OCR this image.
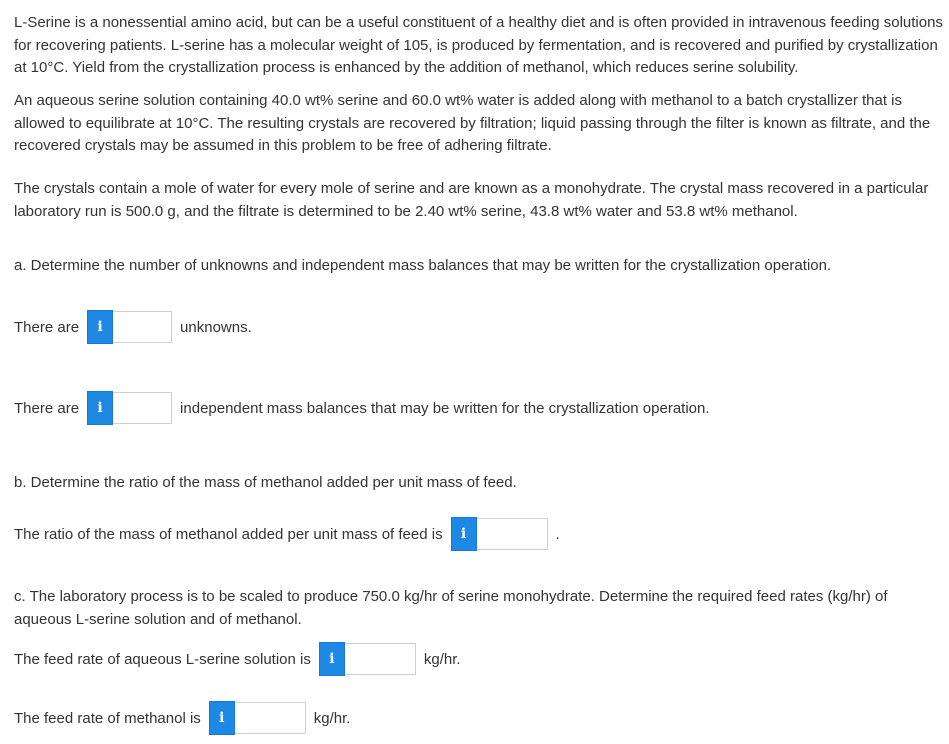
L-Serine is a nonessential amino acid, but can be a useful constituent of a healthy diet and is often provided in intravenous feeding solutions for recovering patients. L-serine has a molecular weight of 105, is produced by fermentation, and is recovered and purified by crystallization at 10°C. Yield from the crystallization process is enhanced by the addition of methanol, which reduces serine solubility.

An aqueous serine solution containing 40.0 wt% serine and 60.0 wt% water is added along with methanol to a batch crystallizer that is allowed to equilibrate at 10°C. The resulting crystals are recovered by filtration; liquid passing through the filter is known as filtrate, and the recovered crystals may be assumed in this problem to be free of adhering filtrate.

The crystals contain a mole of water for every mole of serine and are known as a monohydrate. The crystal mass recovered in a particular laboratory run is 500.0 g, and the filtrate is determined to be 2.40 wt% serine, 43.8 wt% water and 53.8 wt% methanol.

a. Determine the number of unknowns and independent mass balances that may be written for the crystallization operation.
There are	i	unknowns.
There are	i	independent mass balances that may be written for the crystallization operation.
b. Determine the ratio of the mass of methanol added per unit mass of feed.
The ratio of the mass of methanol added per unit mass of feed is	i	.

c. The laboratory process is to be scaled to produce 750.0 kg/hr of serine monohydrate. Determine the required feed rates (kg/hr) of aqueous L-serine solution and of methanol.

The feed rate of aqueous L-serine solution is	i	kg/hr.
The feed rate of methanol is	i	kg/hr.
